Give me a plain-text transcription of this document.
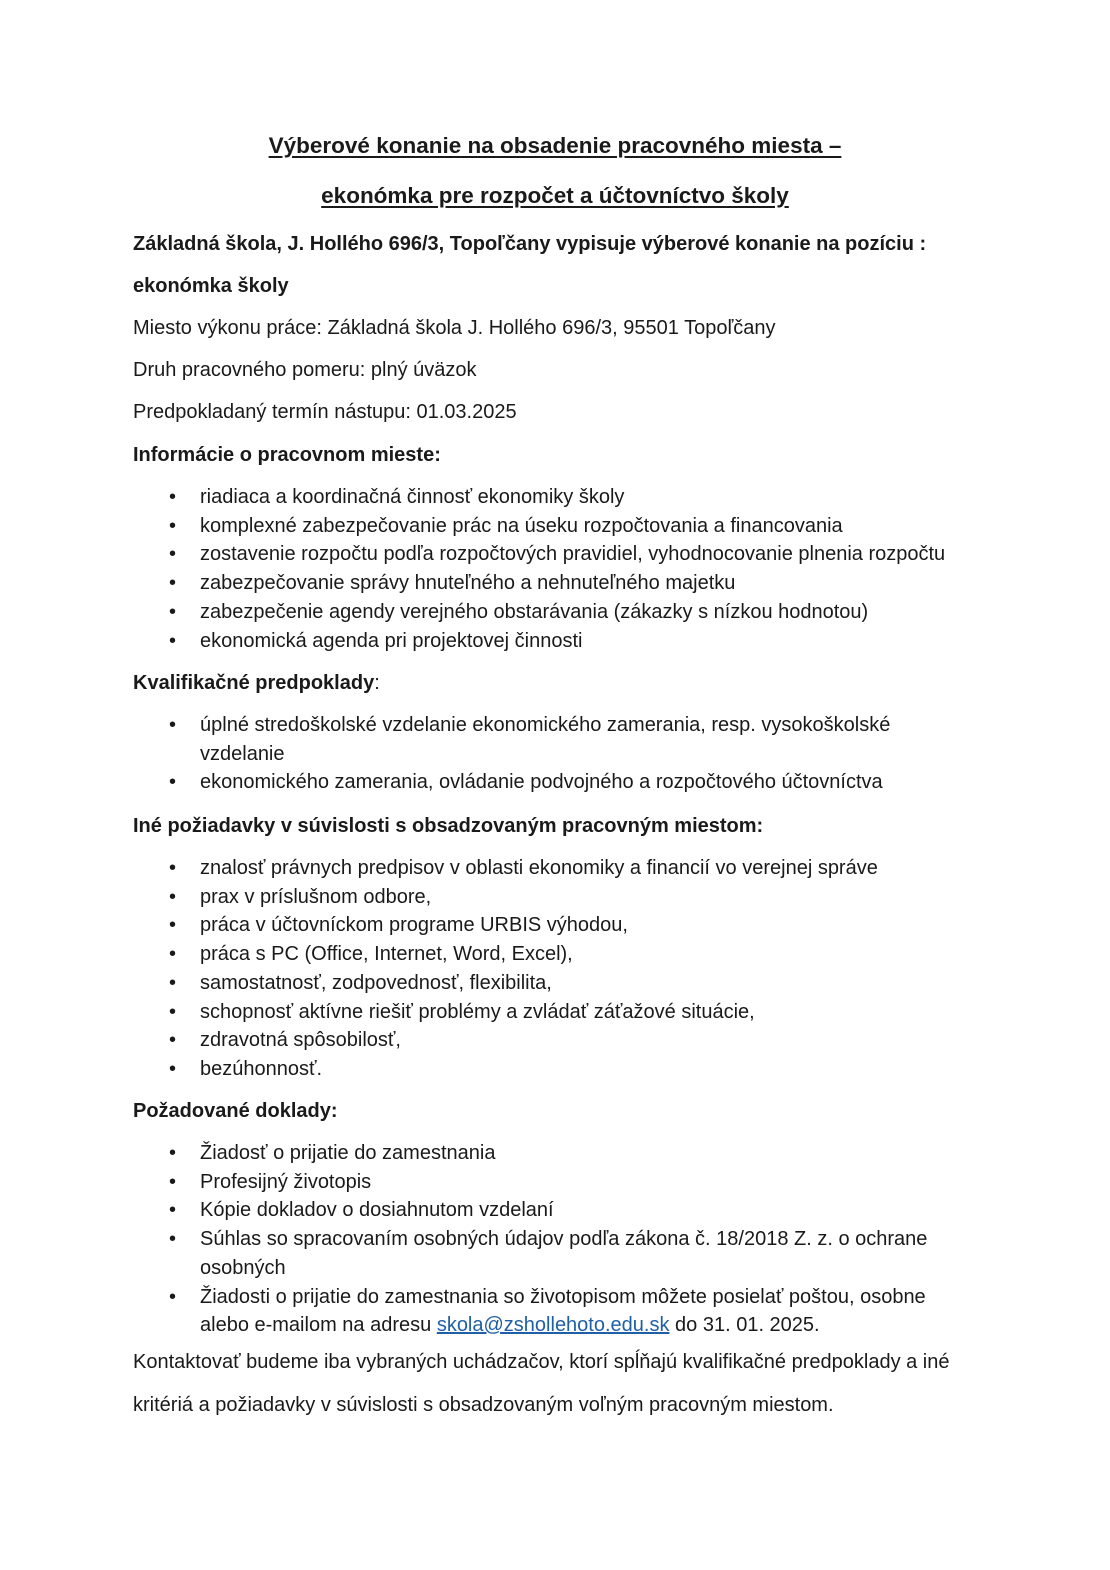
Výberové konanie na obsadenie pracovného miesta –
ekonómka pre rozpočet a účtovníctvo školy
Základná škola, J. Hollého 696/3, Topoľčany vypisuje výberové konanie na pozíciu :
ekonómka školy
Miesto výkonu práce: Základná škola J. Hollého 696/3, 95501 Topoľčany
Druh pracovného pomeru: plný úväzok
Predpokladaný termín nástupu: 01.03.2025
Informácie o pracovnom mieste:
• riadiaca a koordinačná činnosť ekonomiky školy
• komplexné zabezpečovanie prác na úseku rozpočtovania a financovania
• zostavenie rozpočtu podľa rozpočtových pravidiel, vyhodnocovanie plnenia rozpočtu
• zabezpečovanie správy hnuteľného a nehnuteľného majetku
• zabezpečenie agendy verejného obstarávania (zákazky s nízkou hodnotou)
• ekonomická agenda pri projektovej činnosti
Kvalifikačné predpoklady:
• úplné stredoškolské vzdelanie ekonomického zamerania, resp. vysokoškolské
vzdelanie
• ekonomického zamerania, ovládanie podvojného a rozpočtového účtovníctva
Iné požiadavky v súvislosti s obsadzovaným pracovným miestom:
• znalosť právnych predpisov v oblasti ekonomiky a financií vo verejnej správe
• prax v príslušnom odbore,
• práca v účtovníckom programe URBIS výhodou,
• práca s PC (Office, Internet, Word, Excel),
• samostatnosť, zodpovednosť, flexibilita,
• schopnosť aktívne riešiť problémy a zvládať záťažové situácie,
• zdravotná spôsobilosť,
• bezúhonnosť.
Požadované doklady:
• Žiadosť o prijatie do zamestnania
• Profesijný životopis
• Kópie dokladov o dosiahnutom vzdelaní
• Súhlas so spracovaním osobných údajov podľa zákona č. 18/2018 Z. z. o ochrane
osobných
• Žiadosti o prijatie do zamestnania so životopisom môžete posielať poštou, osobne
alebo e-mailom na adresu skola@zshollehoto.edu.sk do 31. 01. 2025.
Kontaktovať budeme iba vybraných uchádzačov, ktorí spĺňajú kvalifikačné predpoklady a iné
kritériá a požiadavky v súvislosti s obsadzovaným voľným pracovným miestom.
